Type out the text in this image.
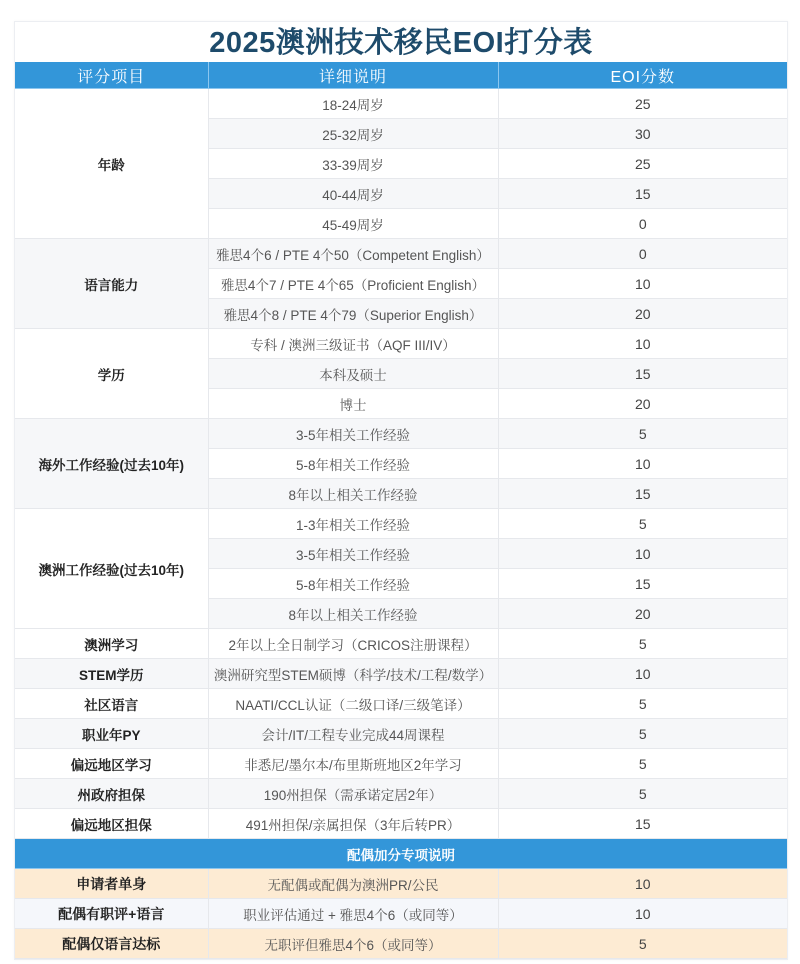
2025澳洲技术移民EOI打分表
评分项目	详细说明	EOI分数
年龄	18-24周岁	25
	25-32周岁	30
	33-39周岁	25
	40-44周岁	15
	45-49周岁	0
语言能力	雅思4个6 / PTE 4个50（Competent English）	0
	雅思4个7 / PTE 4个65（Proficient English）	10
	雅思4个8 / PTE 4个79（Superior English）	20
学历	专科 / 澳洲三级证书（AQF III/IV）	10
	本科及硕士	15
	博士	20
海外工作经验(过去10年)	3-5年相关工作经验	5
	5-8年相关工作经验	10
	8年以上相关工作经验	15
澳洲工作经验(过去10年)	1-3年相关工作经验	5
	3-5年相关工作经验	10
	5-8年相关工作经验	15
	8年以上相关工作经验	20
澳洲学习	2年以上全日制学习（CRICOS注册课程）	5
STEM学历	澳洲研究型STEM硕博（科学/技术/工程/数学）	10
社区语言	NAATI/CCL认证（二级口译/三级笔译）	5
职业年PY	会计/IT/工程专业完成44周课程	5
偏远地区学习	非悉尼/墨尔本/布里斯班地区2年学习	5
州政府担保	190州担保（需承诺定居2年）	5
偏远地区担保	491州担保/亲属担保（3年后转PR）	15
配偶加分专项说明		
申请者单身	无配偶或配偶为澳洲PR/公民	10
配偶有职评+语言	职业评估通过 + 雅思4个6（或同等）	10
配偶仅语言达标	无职评但雅思4个6（或同等）	5
